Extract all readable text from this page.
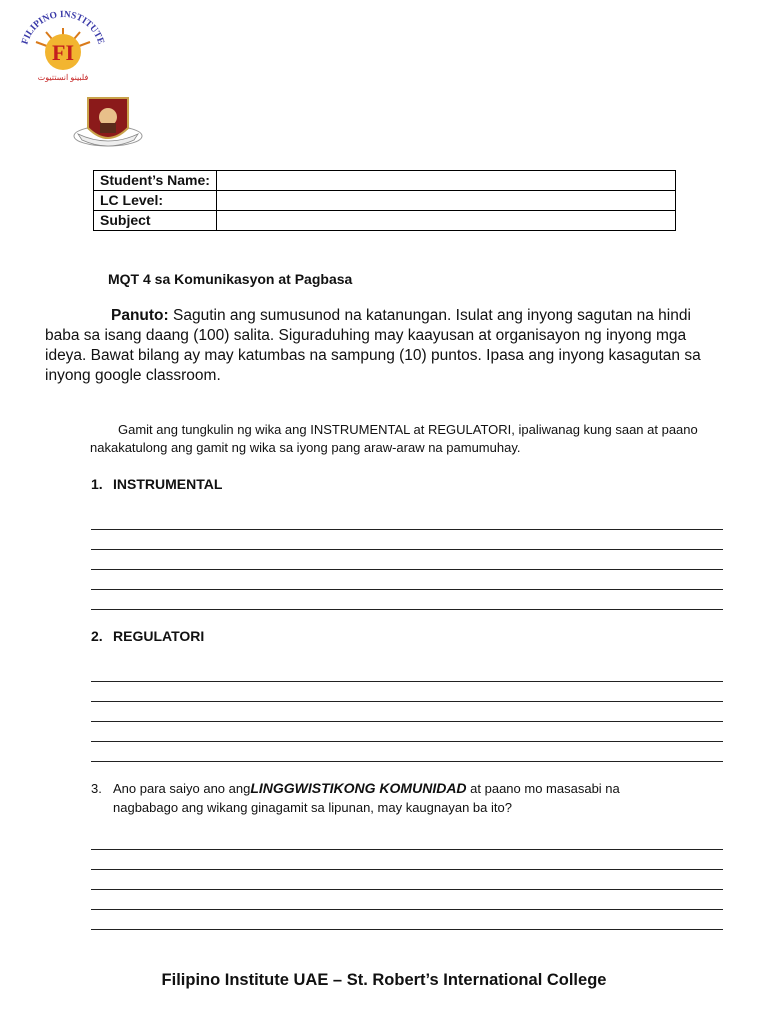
FI
FILIPINO INSTITUTE
فلبينو انستتيوت
Student’s Name:	
LC Level:	
Subject	
MQT 4 sa Komunikasyon at Pagbasa
Panuto: Sagutin ang sumusunod na katanungan. Isulat ang inyong sagutan na hindi baba sa isang daang (100) salita. Siguraduhing may kaayusan at organisayon ng inyong mga ideya. Bawat bilang ay may katumbas na sampung (10) puntos. Ipasa ang inyong kasagutan sa inyong google classroom.
Gamit ang tungkulin ng wika ang INSTRUMENTAL at REGULATORI, ipaliwanag kung saan at paano nakakatulong ang gamit ng wika sa iyong pang araw-araw na pamumuhay.
1. INSTRUMENTAL
2. REGULATORI
3. Ano para saiyo ano angLINGGWISTIKONG KOMUNIDAD at paano mo masasabi na
nagbabago ang wikang ginagamit sa lipunan, may kaugnayan ba ito?
Filipino Institute UAE – St. Robert’s International College
